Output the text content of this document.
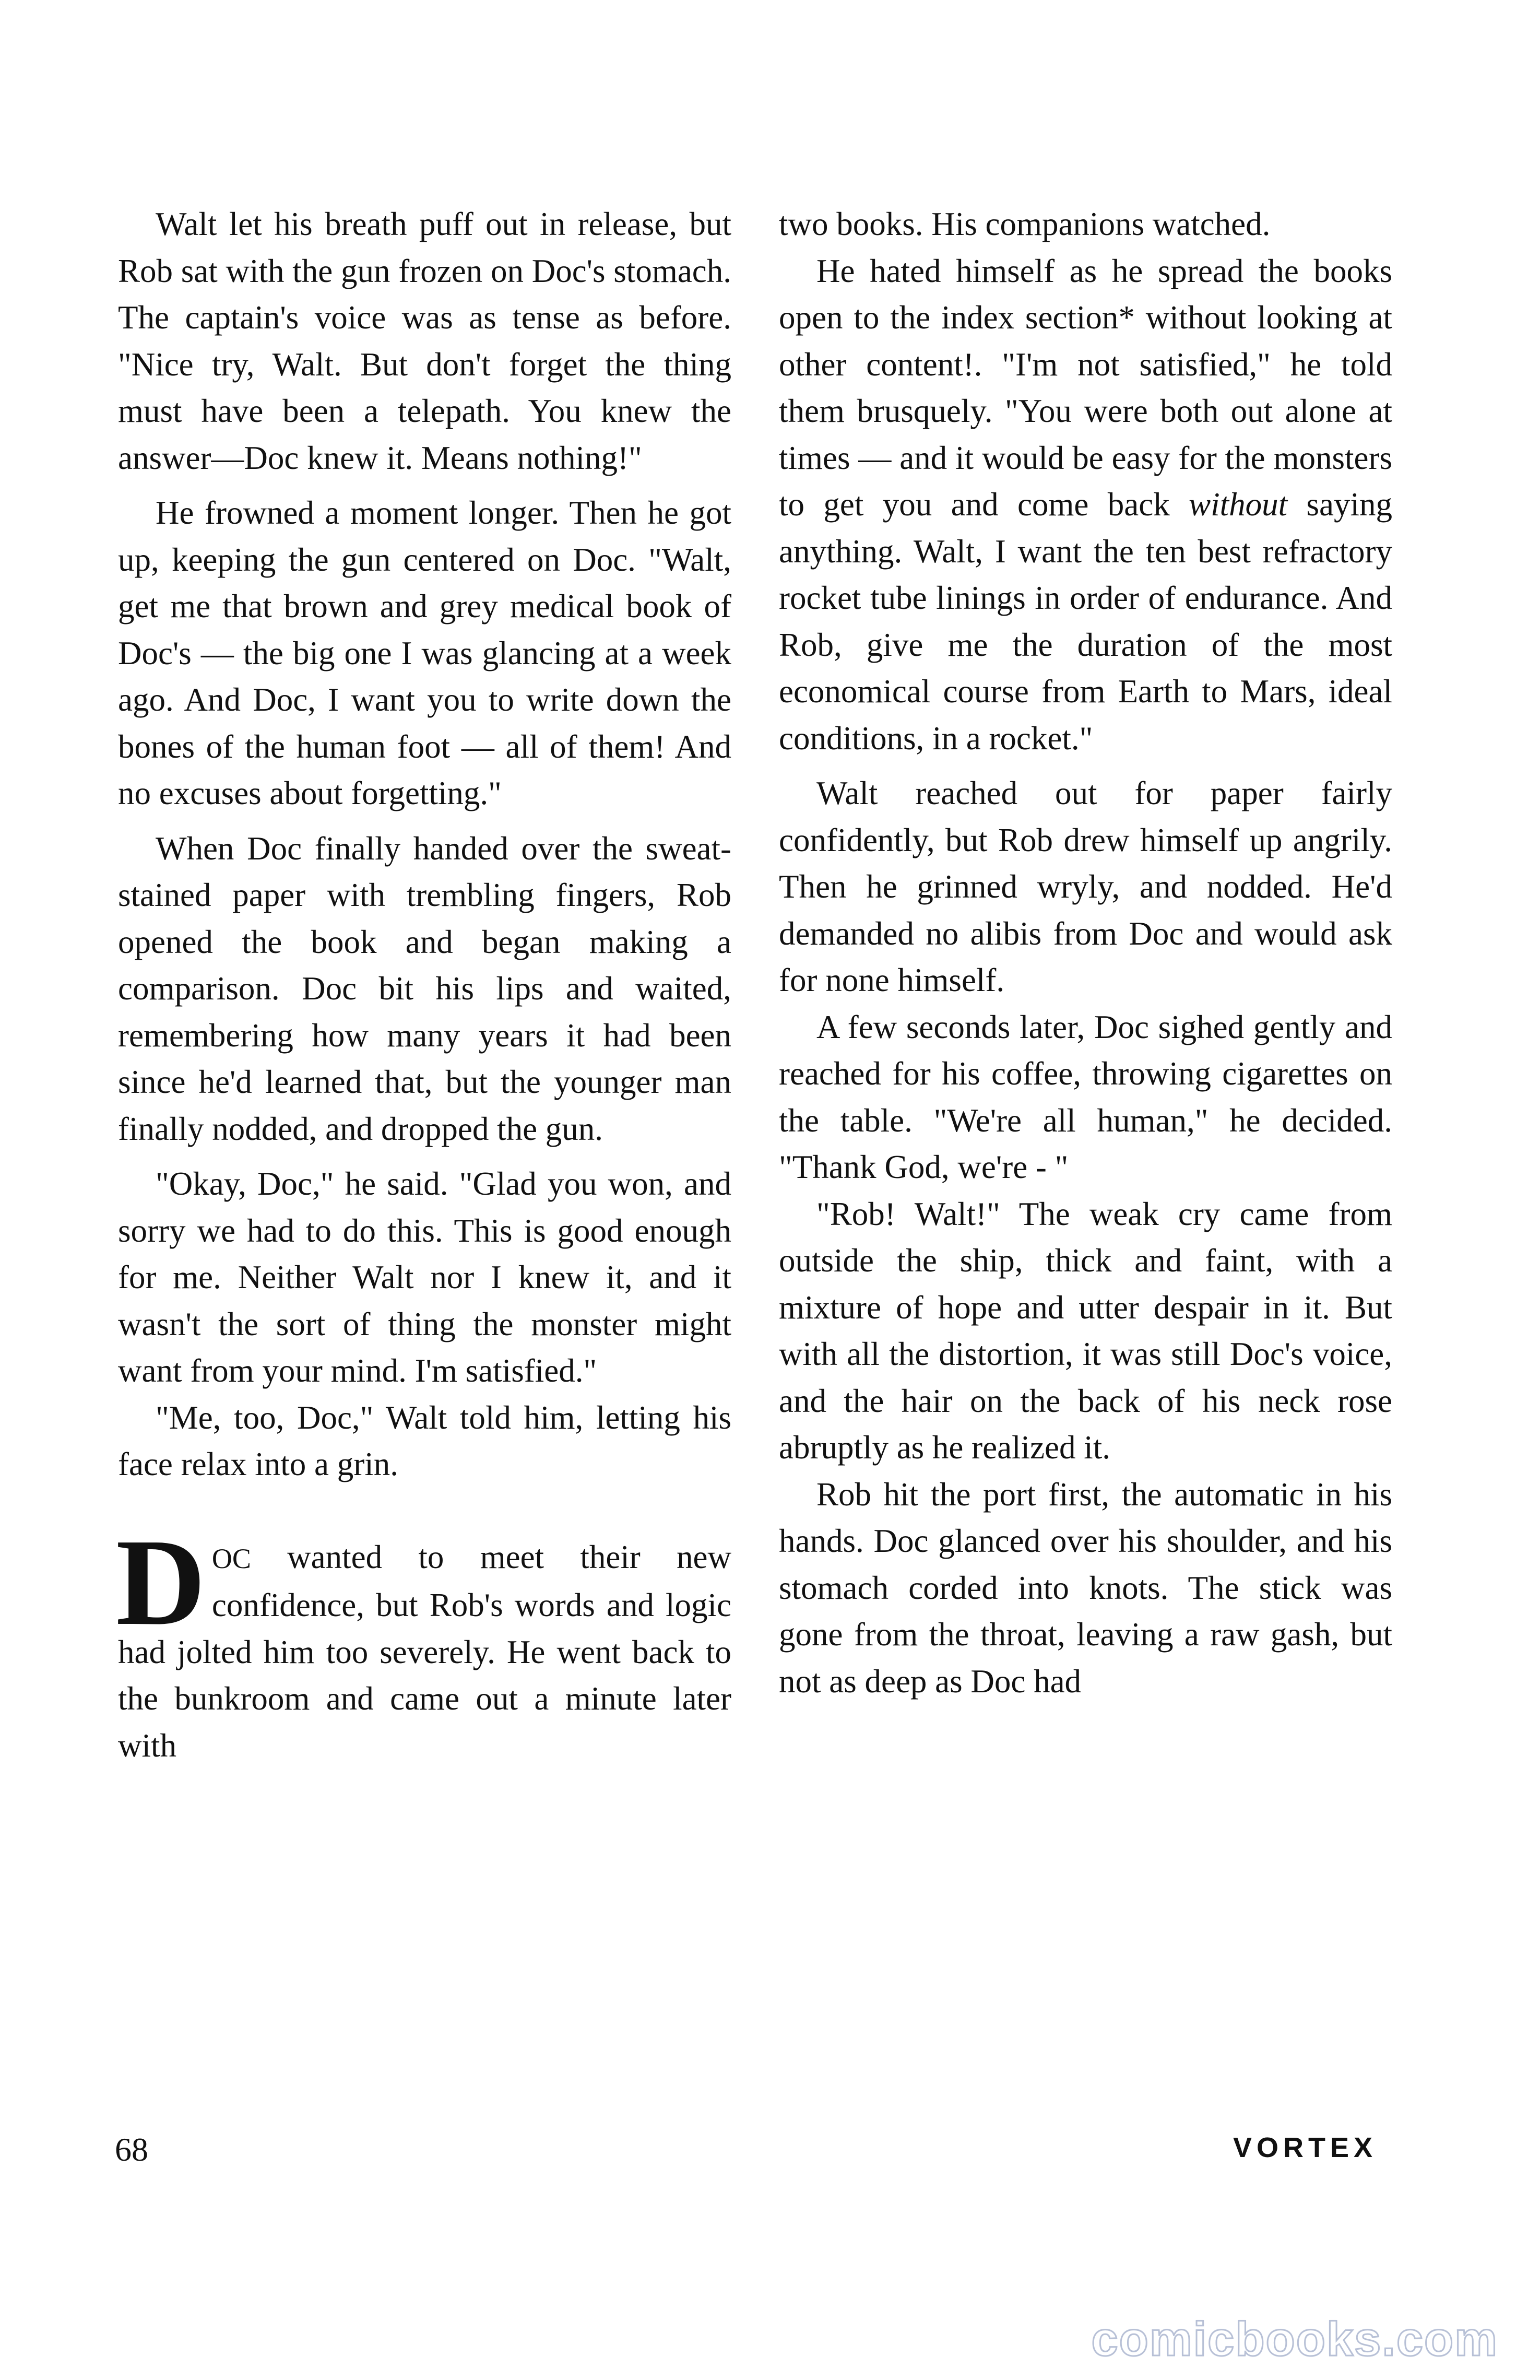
Walt let his breath puff out in release, but Rob sat with the gun frozen on Doc's stomach. The captain's voice was as tense as before. "Nice try, Walt. But don't forget the thing must have been a telepath. You knew the answer—Doc knew it. Means nothing!"

He frowned a moment longer. Then he got up, keeping the gun centered on Doc. "Walt, get me that brown and grey medical book of Doc's — the big one I was glancing at a week ago. And Doc, I want you to write down the bones of the human foot — all of them! And no excuses about forgetting."

When Doc finally handed over the sweat-stained paper with trembling fingers, Rob opened the book and began making a comparison. Doc bit his lips and waited, remembering how many years it had been since he'd learned that, but the younger man finally nodded, and dropped the gun.

"Okay, Doc," he said. "Glad you won, and sorry we had to do this. This is good enough for me. Neither Walt nor I knew it, and it wasn't the sort of thing the monster might want from your mind. I'm satisfied."

"Me, too, Doc," Walt told him, letting his face relax into a grin.

DOC wanted to meet their new confidence, but Rob's words and logic had jolted him too severely. He went back to the bunkroom and came out a minute later with

two books. His companions watched.

He hated himself as he spread the books open to the index section* without looking at other content!. "I'm not satisfied," he told them brusquely. "You were both out alone at times — and it would be easy for the monsters to get you and come back without saying anything. Walt, I want the ten best refractory rocket tube linings in order of endurance. And Rob, give me the duration of the most economical course from Earth to Mars, ideal conditions, in a rocket."

Walt reached out for paper fairly confidently, but Rob drew himself up angrily. Then he grinned wryly, and nodded. He'd demanded no alibis from Doc and would ask for none himself.

A few seconds later, Doc sighed gently and reached for his coffee, throwing cigarettes on the table. "We're all human," he decided. "Thank God, we're - "

"Rob! Walt!" The weak cry came from outside the ship, thick and faint, with a mixture of hope and utter despair in it. But with all the distortion, it was still Doc's voice, and the hair on the back of his neck rose abruptly as he realized it.

Rob hit the port first, the automatic in his hands. Doc glanced over his shoulder, and his stomach corded into knots. The stick was gone from the throat, leaving a raw gash, but not as deep as Doc had

68	VORTEX
comicbooks.com
